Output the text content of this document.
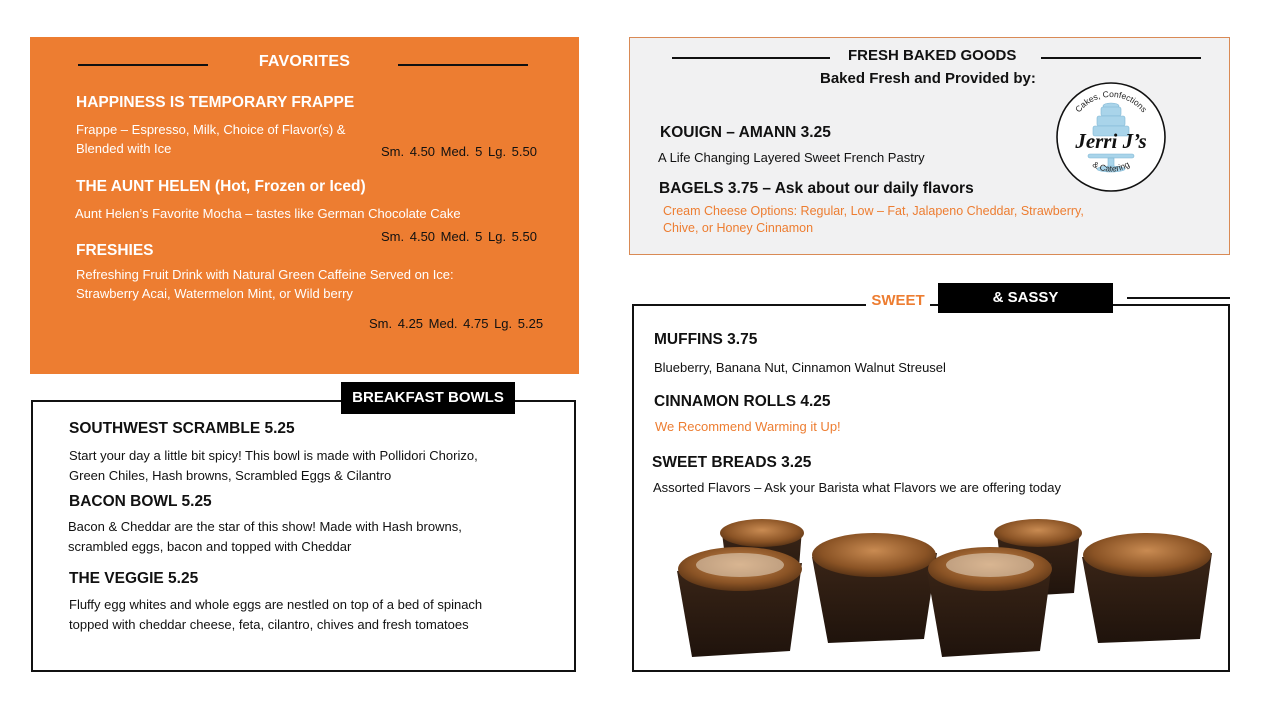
FAVORITES
HAPPINESS IS TEMPORARY FRAPPE
Frappe – Espresso, Milk, Choice of Flavor(s) &
Blended with Ice	Sm. 4.50 Med. 5 Lg. 5.50
THE AUNT HELEN (Hot, Frozen or Iced)
Aunt Helen’s Favorite Mocha – tastes like German Chocolate Cake
Sm. 4.50 Med. 5 Lg. 5.50
FRESHIES
Refreshing Fruit Drink with Natural Green Caffeine Served on Ice:
Strawberry Acai, Watermelon Mint, or Wild berry
Sm. 4.25 Med. 4.75 Lg. 5.25
FRESH BAKED GOODS
Baked Fresh and Provided by:
KOUIGN – AMANN 3.25
A Life Changing Layered Sweet French Pastry
BAGELS 3.75 – Ask about our daily flavors
Cream Cheese Options: Regular, Low – Fat, Jalapeno Cheddar, Strawberry,
Chive, or Honey Cinnamon
Cakes, Confections
Jerri J’s
& Catering
SOUTHWEST SCRAMBLE 5.25
Start your day a little bit spicy! This bowl is made with Pollidori Chorizo,
Green Chiles, Hash browns, Scrambled Eggs & Cilantro
BACON BOWL 5.25
Bacon & Cheddar are the star of this show! Made with Hash browns,
scrambled eggs, bacon and topped with Cheddar
THE VEGGIE 5.25
Fluffy egg whites and whole eggs are nestled on top of a bed of spinach
topped with cheddar cheese, feta, cilantro, chives and fresh tomatoes
BREAKFAST BOWLS
MUFFINS 3.75
Blueberry, Banana Nut, Cinnamon Walnut Streusel
CINNAMON ROLLS 4.25
We Recommend Warming it Up!
SWEET BREADS 3.25
Assorted Flavors – Ask your Barista what Flavors we are offering today
SWEET	& SASSY
